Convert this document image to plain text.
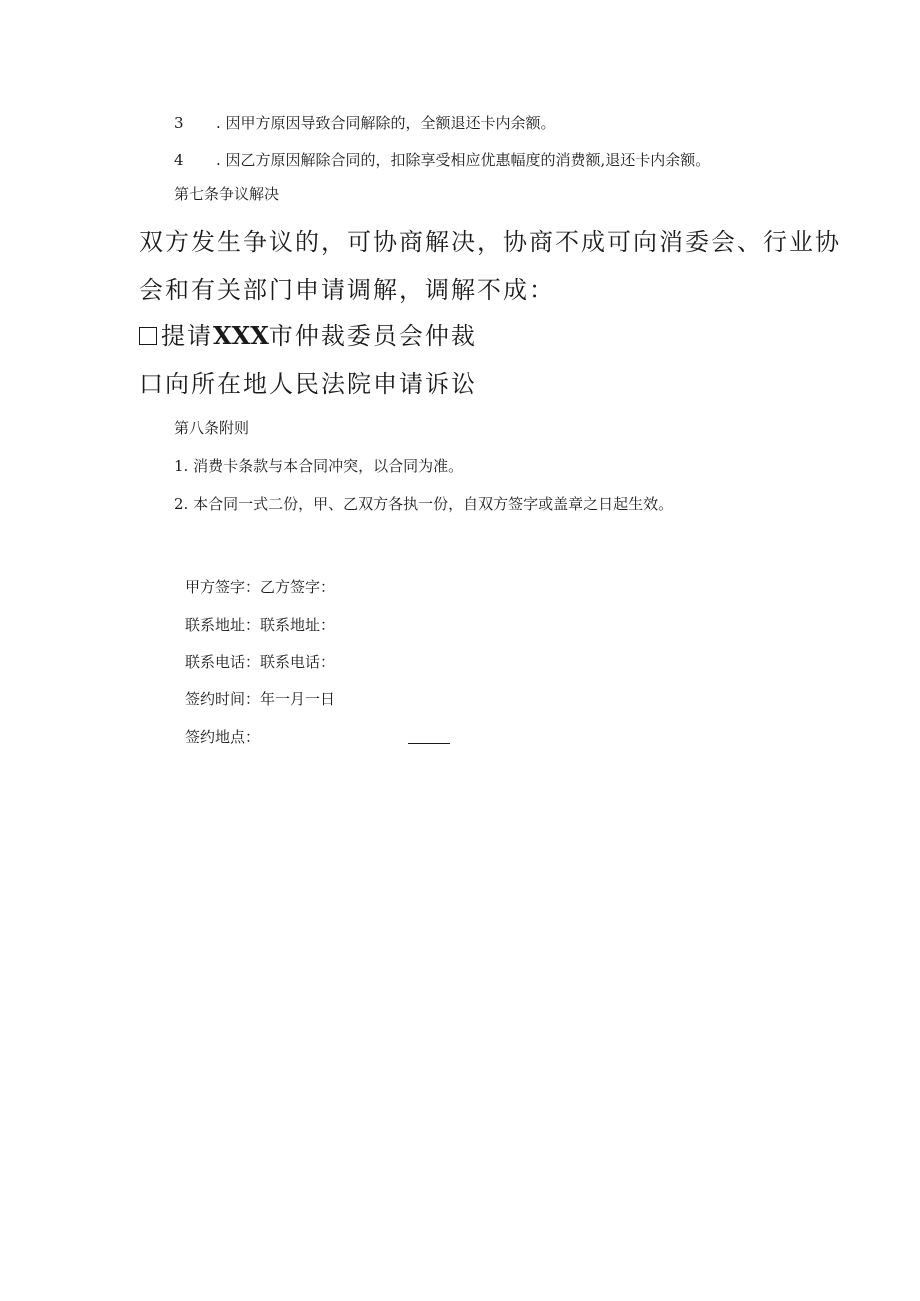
3 . 因甲方原因导致合同解除的，全额退还卡内余额。
4 . 因乙方原因解除合同的，扣除享受相应优惠幅度的消费额,退还卡内余额。
第七条争议解决
双方发生争议的，可协商解决，协商不成可向消委会、行业协
会和有关部门申请调解，调解不成：
提请XXX市仲裁委员会仲裁
口向所在地人民法院申请诉讼
第八条附则
1. 消费卡条款与本合同冲突，以合同为准。
2. 本合同一式二份，甲、乙双方各执一份，自双方签字或盖章之日起生效。
甲方签字：乙方签字：
联系地址：联系地址：
联系电话：联系电话：
签约时间：年一月一日
签约地点：
